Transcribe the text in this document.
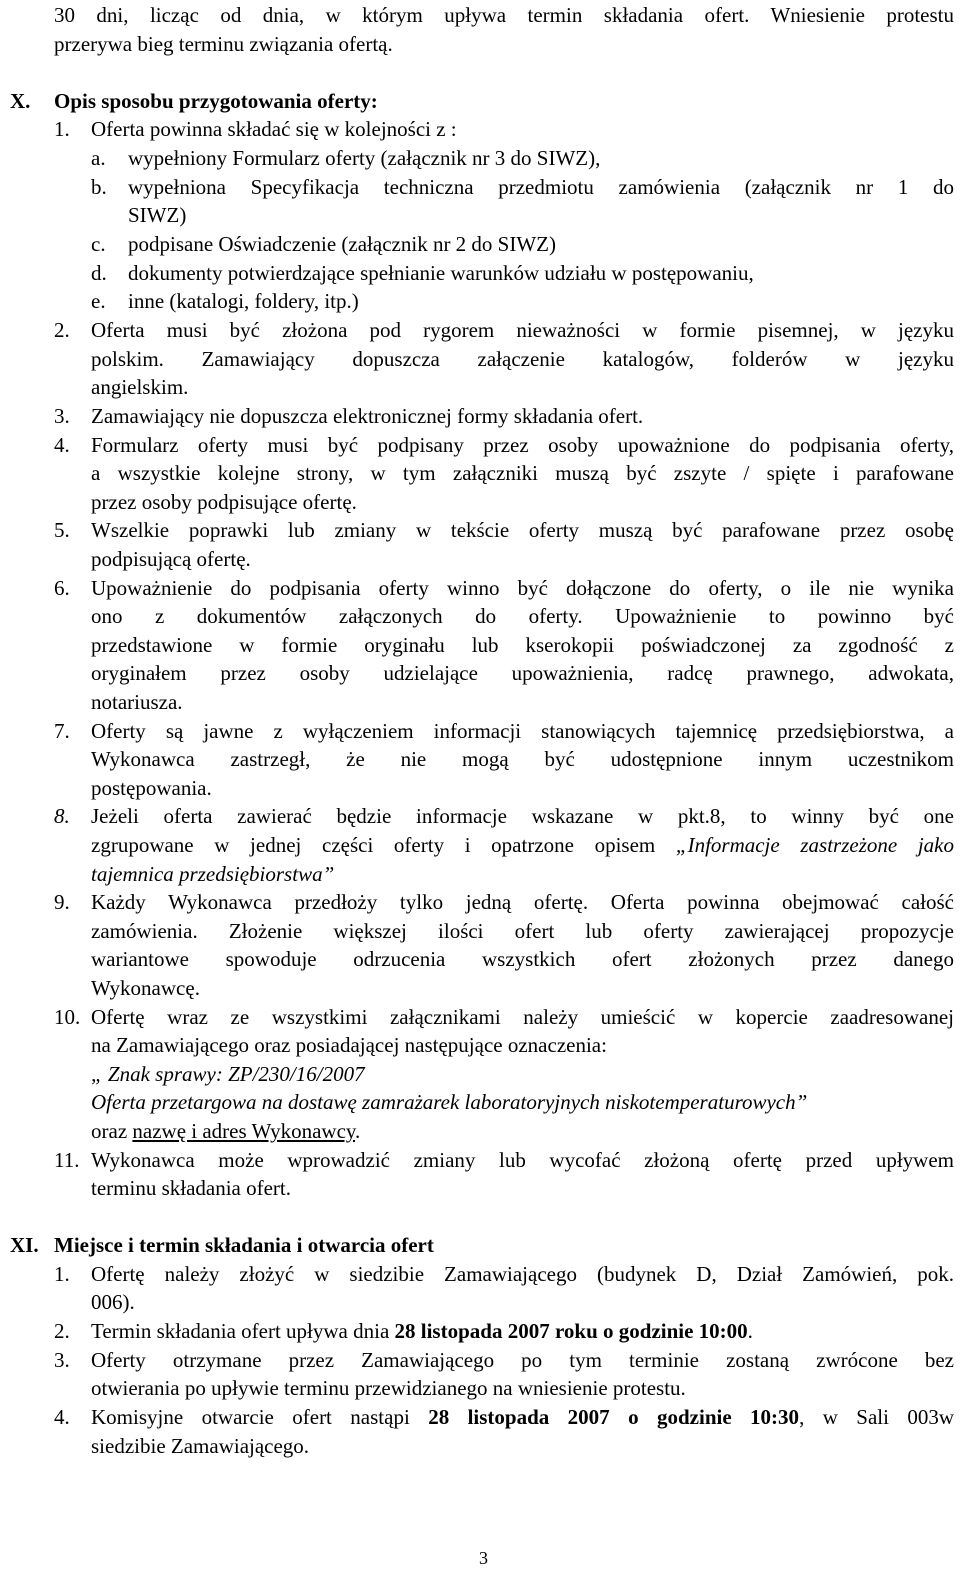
30 dni, licząc od dnia, w którym upływa termin składania ofert. Wniesienie protestu
przerywa bieg terminu związania ofertą.
X. Opis sposobu przygotowania oferty:
1. Oferta powinna składać się w kolejności z :
a. wypełniony Formularz oferty (załącznik nr 3 do SIWZ),
b. wypełniona Specyfikacja techniczna przedmiotu zamówienia (załącznik nr 1 do
SIWZ)
c. podpisane Oświadczenie (załącznik nr 2 do SIWZ)
d. dokumenty potwierdzające spełnianie warunków udziału w postępowaniu,
e. inne (katalogi, foldery, itp.)
2. Oferta musi być złożona pod rygorem nieważności w formie pisemnej, w języku
polskim. Zamawiający dopuszcza załączenie katalogów, folderów w języku
angielskim.
3. Zamawiający nie dopuszcza elektronicznej formy składania ofert.
4. Formularz oferty musi być podpisany przez osoby upoważnione do podpisania oferty,
a wszystkie kolejne strony, w tym załączniki muszą być zszyte / spięte i parafowane
przez osoby podpisujące ofertę.
5. Wszelkie poprawki lub zmiany w tekście oferty muszą być parafowane przez osobę
podpisującą ofertę.
6. Upoważnienie do podpisania oferty winno być dołączone do oferty, o ile nie wynika
ono z dokumentów załączonych do oferty. Upoważnienie to powinno być
przedstawione w formie oryginału lub kserokopii poświadczonej za zgodność z
oryginałem przez osoby udzielające upoważnienia, radcę prawnego, adwokata,
notariusza.
7. Oferty są jawne z wyłączeniem informacji stanowiących tajemnicę przedsiębiorstwa, a
Wykonawca zastrzegł, że nie mogą być udostępnione innym uczestnikom
postępowania.
8. Jeżeli oferta zawierać będzie informacje wskazane w pkt.8, to winny być one
zgrupowane w jednej części oferty i opatrzone opisem „Informacje zastrzeżone jako
tajemnica przedsiębiorstwa”
9. Każdy Wykonawca przedłoży tylko jedną ofertę. Oferta powinna obejmować całość
zamówienia. Złożenie większej ilości ofert lub oferty zawierającej propozycje
wariantowe spowoduje odrzucenia wszystkich ofert złożonych przez danego
Wykonawcę.
10. Ofertę wraz ze wszystkimi załącznikami należy umieścić w kopercie zaadresowanej
na Zamawiającego oraz posiadającej następujące oznaczenia:
„ Znak sprawy: ZP/230/16/2007
Oferta przetargowa na dostawę zamrażarek laboratoryjnych niskotemperaturowych”
oraz nazwę i adres Wykonawcy.
11. Wykonawca może wprowadzić zmiany lub wycofać złożoną ofertę przed upływem
terminu składania ofert.
XI. Miejsce i termin składania i otwarcia ofert
1. Ofertę należy złożyć w siedzibie Zamawiającego (budynek D, Dział Zamówień, pok.
006).
2. Termin składania ofert upływa dnia 28 listopada 2007 roku o godzinie 10:00.
3. Oferty otrzymane przez Zamawiającego po tym terminie zostaną zwrócone bez
otwierania po upływie terminu przewidzianego na wniesienie protestu.
4. Komisyjne otwarcie ofert nastąpi 28 listopada 2007 o godzinie 10:30, w Sali 003w
siedzibie Zamawiającego.
3
